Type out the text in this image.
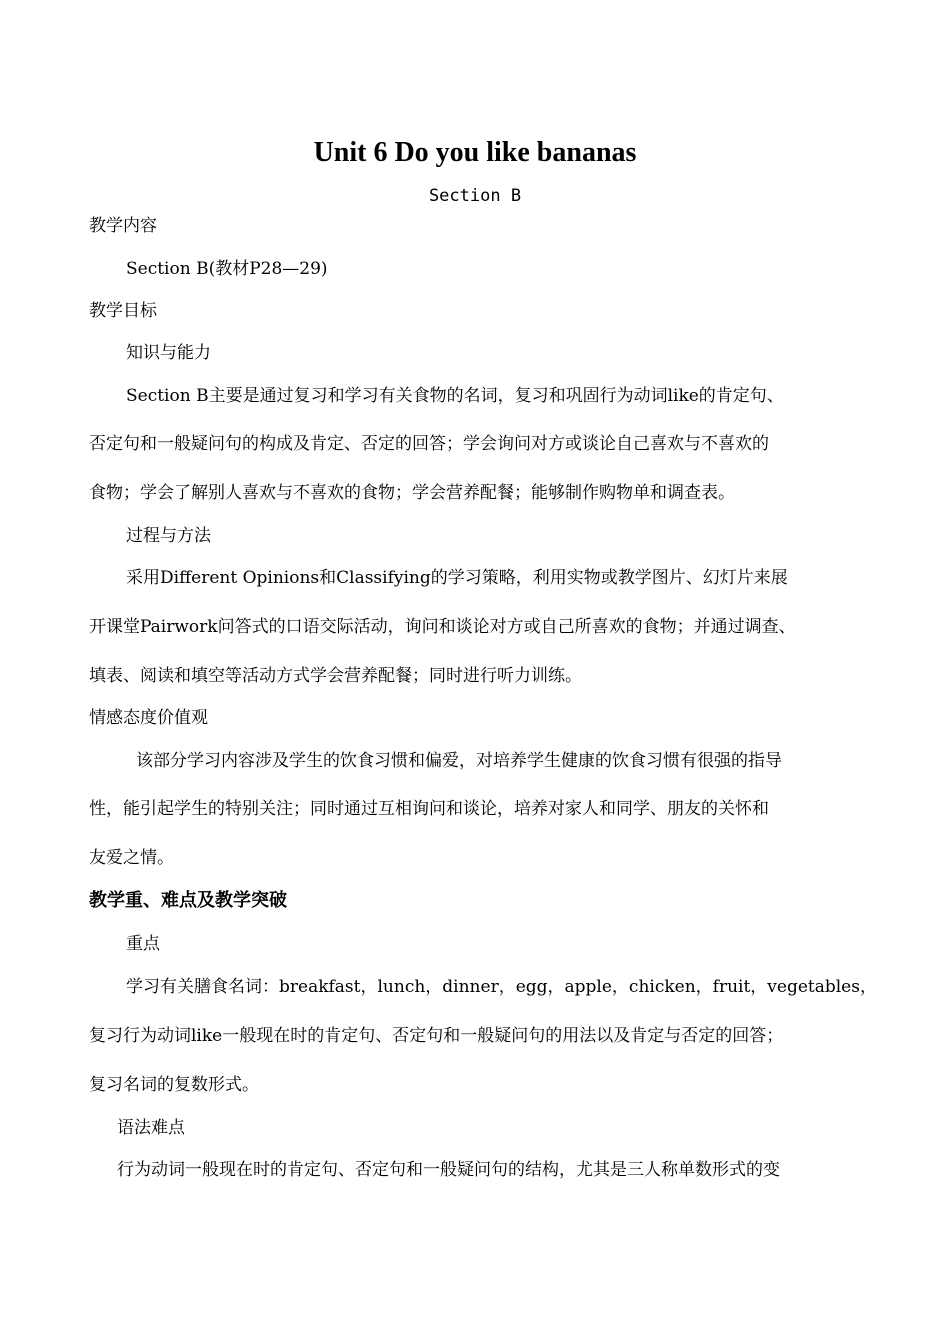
Unit 6 Do you like bananas
Section B
教学内容
Section B(教材P28—29)
教学目标
知识与能力
Section B主要是通过复习和学习有关食物的名词，复习和巩固行为动词like的肯定句、
否定句和一般疑问句的构成及肯定、否定的回答；学会询问对方或谈论自己喜欢与不喜欢的
食物；学会了解别人喜欢与不喜欢的食物；学会营养配餐；能够制作购物单和调查表。
过程与方法
采用Different Opinions和Classifying的学习策略，利用实物或教学图片、幻灯片来展
开课堂Pairwork问答式的口语交际活动，询问和谈论对方或自己所喜欢的食物；并通过调查、
填表、阅读和填空等活动方式学会营养配餐；同时进行听力训练。
情感态度价值观
该部分学习内容涉及学生的饮食习惯和偏爱，对培养学生健康的饮食习惯有很强的指导
性，能引起学生的特别关注；同时通过互相询问和谈论，培养对家人和同学、朋友的关怀和
友爱之情。
教学重、难点及教学突破
重点
学习有关膳食名词：breakfast，lunch，dinner，egg，apple，chicken，fruit，vegetables，
复习行为动词like一般现在时的肯定句、否定句和一般疑问句的用法以及肯定与否定的回答；
复习名词的复数形式。
语法难点
行为动词一般现在时的肯定句、否定句和一般疑问句的结构，尤其是三人称单数形式的变
